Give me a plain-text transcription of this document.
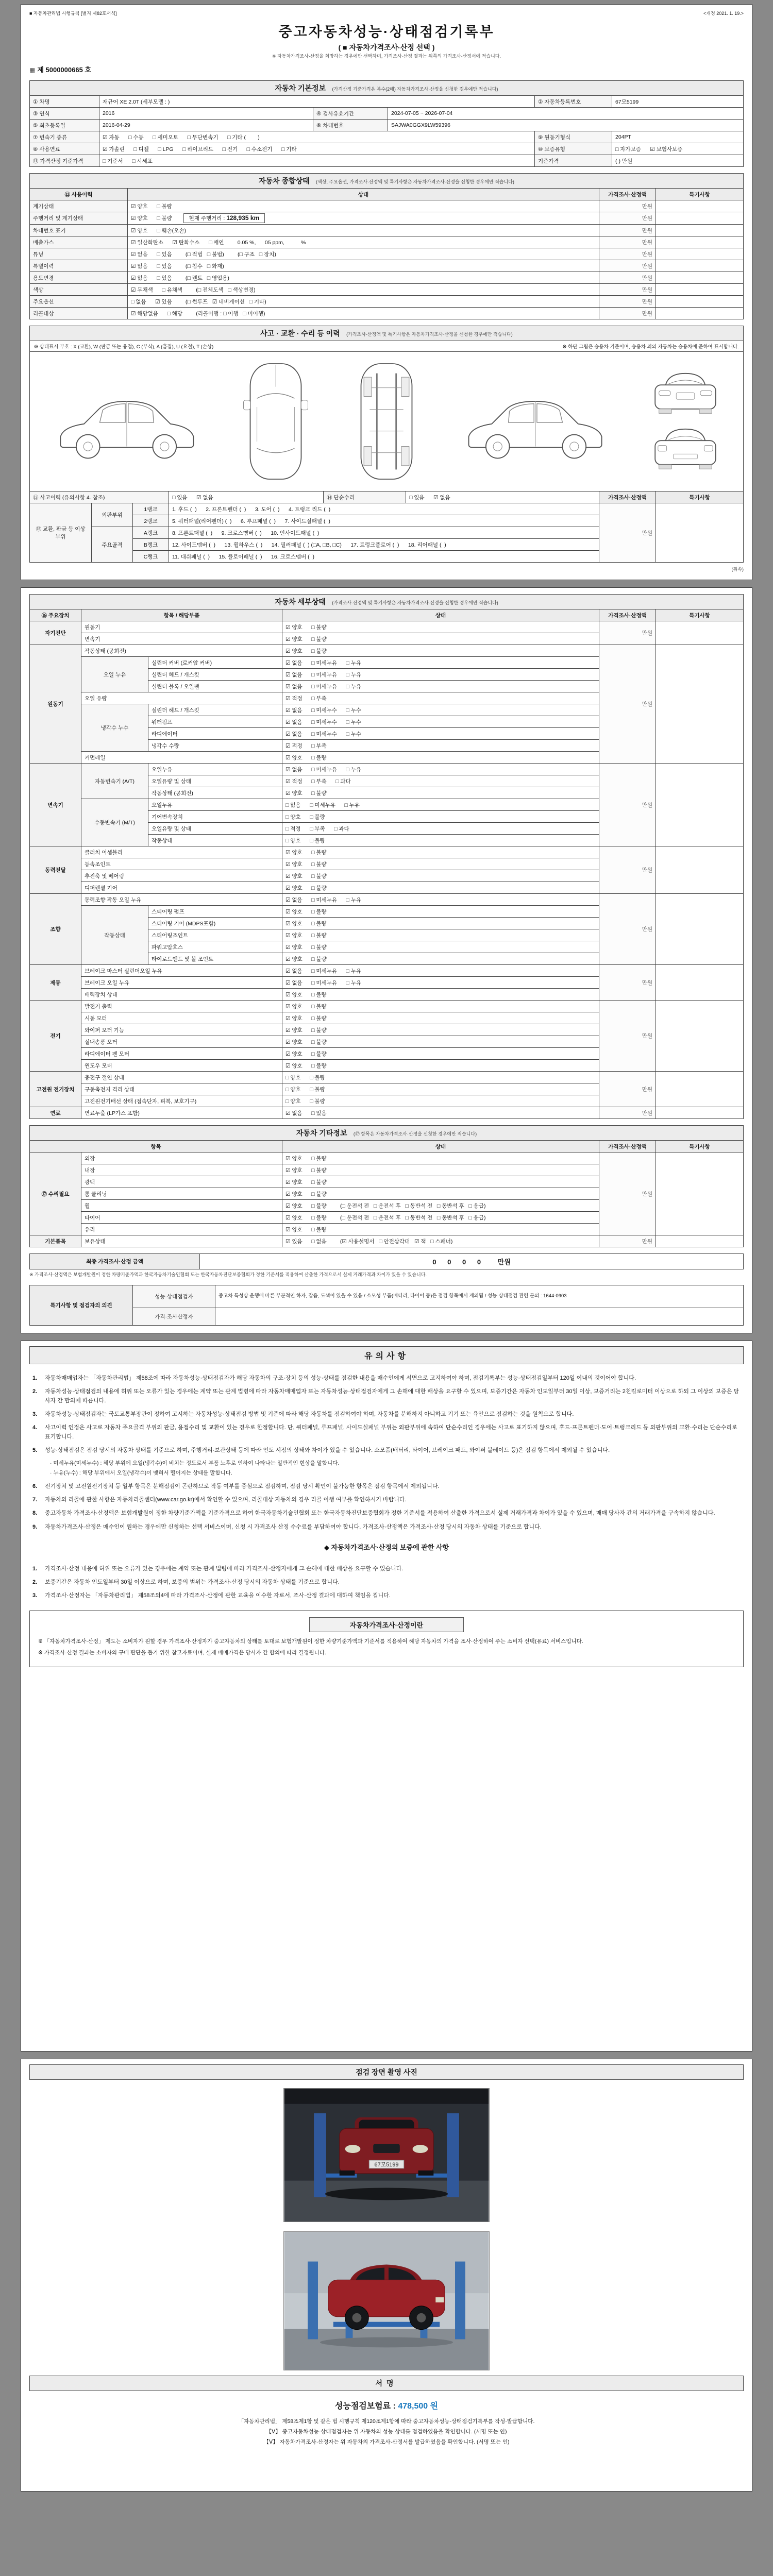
■ 자동차관리법 시행규칙 [별지 제82호서식]	<개정 2021. 1. 19.>
중고자동차성능·상태점검기록부
( ■ 자동차가격조사·산정 선택 )
※ 자동차가격조사·산정을 희망하는 경우에만 선택하며, 가격조사·산정 결과는 뒤쪽의 가격조사·산정서에 적습니다.
▦ 제 5000000665 호
자동차 기본정보 (가격산정 기준가격은 복수(2매) 자동차가격조사·산정을 신청한 경우에만 적습니다)
① 차명	재규어 XE 2.0T (세부모델 : )			② 자동차등록번호	67모5199
③ 연식	2016	④ 검사유효기간	2024-07-05 ~ 2026-07-04		
⑤ 최초등록일	2016-04-29	⑥ 차대번호	SAJWA0GGX9LW59396		
⑦ 변속기 종류	☑ 자동      □ 수동      □ 세미오토      □ 무단변속기      □ 기타 (        )			⑨ 원동기형식	204PT
⑧ 사용연료	☑ 가솔린      □ 디젤      □ LPG      □ 하이브리드      □ 전기      □ 수소전기      □ 기타			⑩ 보증유형	□ 자가보증      ☑ 보험사보증
⑪ 가격산정 기준가격	□ 기준서      □ 시세표			기준가격	( ) 만원
자동차 종합상태 (색상, 주요옵션, 가격조사·산정액 및 특기사항은 자동차가격조사·산정을 신청한 경우에만 적습니다)
⑫ 사용이력	상태	가격조사·산정액	특기사항
계기상태	☑ 양호      □ 불량	만원	
주행거리 및 계기상태	☑ 양호      □ 불량 현재 주행거리 : 128,935 km	만원	
차대번호 표기	☑ 양호      □ 훼손(오손)	만원	
배출가스	☑ 일산화탄소      ☑ 탄화수소      □ 매연         0.05 %,      05 ppm,           %	만원	
튜닝	☑ 없음      □ 있음         (□ 적법   □ 불법)         (□ 구조   □ 장치)	만원	
특별이력	☑ 없음      □ 있음         (□ 침수   □ 화재)	만원	
용도변경	☑ 없음      □ 있음         (□ 렌트   □ 영업용)	만원	
색상	☑ 무채색      □ 유채색         (□ 전체도색   □ 색상변경)	만원	
주요옵션	□ 없음      ☑ 있음         (□ 썬루프   ☑ 네비게이션   □ 기타)	만원	
리콜대상	☑ 해당없음      □ 해당         (리콜이행 : □ 이행   □ 미이행)	만원	
사고 · 교환 · 수리 등 이력 (가격조사·산정액 및 특기사항은 자동차가격조사·산정을 신청한 경우에만 적습니다)
※ 상태표시 부호 : X (교환), W (판금 또는 용접), C (부식), A (흠집), U (요철), T (손상)	※ 하단 그림은 승용차 기준이며, 승용차 외의 자동차는 승용차에 준하여 표시합니다.
⑬ 사고이력 (유의사항 4. 참조)	□ 있음      ☑ 없음	⑭ 단순수리	□ 있음      ☑ 없음	가격조사·산정액	특기사항
⑮ 교환, 판금 등 이상 부위	외판부위	1랭크	1. 후드 (  )      2. 프론트펜더 (  )      3. 도어 (  )      4. 트렁크 리드 (  )	만원	
		2랭크	5. 쿼터패널(리어펜더) (  )      6. 루프패널 (  )      7. 사이드실패널 (  )		
	주요골격	A랭크	8. 프론트패널 (  )      9. 크로스멤버 (  )      10. 인사이드패널 (  )		
		B랭크	12. 사이드멤버 (  )      13. 휠하우스 (  )      14. 필러패널 (  ) (□A, □B, □C)      17. 트렁크플로어 (  )      18. 리어패널 (  )		
		C랭크	11. 대쉬패널 (  )      15. 플로어패널 (  )      16. 크로스멤버 (  )		
(뒤쪽)
자동차 세부상태 (가격조사·산정액 및 특기사항은 자동차가격조사·산정을 신청한 경우에만 적습니다)
⑯ 주요장치	항목 / 해당부품		상태	가격조사·산정액	특기사항
자기진단	원동기		☑ 양호      □ 불량	만원	
	변속기		☑ 양호      □ 불량		
원동기	작동상태 (공회전)		☑ 양호      □ 불량	만원	
	오일 누유	실린더 커버 (로커암 커버)	☑ 없음      □ 미세누유      □ 누유		
		실린더 헤드 / 개스킷	☑ 없음      □ 미세누유      □ 누유		
		실린더 블록 / 오일팬	☑ 없음      □ 미세누유      □ 누유		
	오일 유량		☑ 적정      □ 부족		
	냉각수 누수	실린더 헤드 / 개스킷	☑ 없음      □ 미세누수      □ 누수		
		워터펌프	☑ 없음      □ 미세누수      □ 누수		
		라디에이터	☑ 없음      □ 미세누수      □ 누수		
		냉각수 수량	☑ 적정      □ 부족		
	커먼레일		☑ 양호      □ 불량		
변속기	자동변속기 (A/T)	오일누유	☑ 없음      □ 미세누유      □ 누유	만원	
		오일유량 및 상태	☑ 적정      □ 부족      □ 과다		
		작동상태 (공회전)	☑ 양호      □ 불량		
	수동변속기 (M/T)	오일누유	□ 없음      □ 미세누유      □ 누유		
		기어변속장치	□ 양호      □ 불량		
		오일유량 및 상태	□ 적정      □ 부족      □ 과다		
		작동상태	□ 양호      □ 불량		
동력전달	클러치 어셈블리		☑ 양호      □ 불량	만원	
	등속조인트		☑ 양호      □ 불량		
	추진축 및 베어링		☑ 양호      □ 불량		
	디퍼렌셜 기어		☑ 양호      □ 불량		
조향	동력조향 작동 오일 누유		☑ 없음      □ 미세누유      □ 누유	만원	
	작동상태	스티어링 펌프	☑ 양호      □ 불량		
		스티어링 기어 (MDPS포함)	☑ 양호      □ 불량		
		스티어링조인트	☑ 양호      □ 불량		
		파워고압호스	☑ 양호      □ 불량		
		타이로드엔드 및 볼 조인트	☑ 양호      □ 불량		
제동	브레이크 마스터 실린더오일 누유		☑ 없음      □ 미세누유      □ 누유	만원	
	브레이크 오일 누유		☑ 없음      □ 미세누유      □ 누유		
	배력장치 상태		☑ 양호      □ 불량		
전기	발전기 출력		☑ 양호      □ 불량	만원	
	시동 모터		☑ 양호      □ 불량		
	와이퍼 모터 기능		☑ 양호      □ 불량		
	실내송풍 모터		☑ 양호      □ 불량		
	라디에이터 팬 모터		☑ 양호      □ 불량		
	윈도우 모터		☑ 양호      □ 불량		
고전원 전기장치	충전구 절연 상태		□ 양호      □ 불량	만원	
	구동축전지 격리 상태		□ 양호      □ 불량		
	고전원전기배선 상태 (접속단자, 피복, 보호기구)		□ 양호      □ 불량		
연료	연료누출 (LP가스 포함)		☑ 없음      □ 있음	만원	
자동차 기타정보 (⑰ 항목은 자동차가격조사·산정을 신청한 경우에만 적습니다)
항목		상태	가격조사·산정액	특기사항
⑰ 수리필요	외장	☑ 양호      □ 불량	만원	
	내장	☑ 양호      □ 불량		
	광택	☑ 양호      □ 불량		
	룸 클리닝	☑ 양호      □ 불량		
	휠	☑ 양호      □ 불량         (□ 운전석 전   □ 운전석 후   □ 동반석 전   □ 동반석 후   □ 응급)		
	타이어	☑ 양호      □ 불량         (□ 운전석 전   □ 운전석 후   □ 동반석 전   □ 동반석 후   □ 응급)		
	유리	☑ 양호      □ 불량		
기본품목	보유상태	☑ 있음      □ 없음         (☑ 사용설명서   □ 안전삼각대   ☑ 잭   □ 스패너)	만원	
최종 가격조사·산정 금액	0      0      0      0         만원
※ 가격조사·산정액은 보험개발원이 정한 차량기준가액과 한국자동차기술인협회 또는 한국자동차진단보증협회가 정한 기준서를 적용하여 산출한 가격으로서 실제 거래가격과 차이가 있을 수 있습니다.
특기사항 및 점검자의 의견	성능·상태점검자	중고차 특성상 운행에 따른 부분적인 하자, 잡음, 도색이 있을 수 있음 / 소모성 부품(배터리, 타이어 등)은 점검 항목에서 제외됨 / 성능·상태점검 관련 문의 : 1644-0903
	가격·조사산정자	
유의사항
1.	자동차매매업자는 「자동차관리법」 제58조에 따라 자동차성능·상태점검자가 해당 자동차의 구조·장치 등의 성능·상태를 점검한 내용을 매수인에게 서면으로 고지하여야 하며, 점검기록부는 성능·상태점검일부터 120일 이내의 것이어야 합니다.
2.	자동차성능·상태점검의 내용에 허위 또는 오류가 있는 경우에는 계약 또는 관계 법령에 따라 자동차매매업자 또는 자동차성능·상태점검자에게 그 손해에 대한 배상을 요구할 수 있으며, 보증기간은 자동차 인도일부터 30일 이상, 보증거리는 2천킬로미터 이상으로 하되 그 이상의 보증은 당사자 간 합의에 따릅니다.
3.	자동차성능·상태점검자는 국토교통부장관이 정하여 고시하는 자동차성능·상태점검 방법 및 기준에 따라 해당 자동차를 점검하여야 하며, 자동차를 분해하지 아니하고 기기 또는 육안으로 점검하는 것을 원칙으로 합니다.
4.	사고이력 인정은 사고로 자동차 주요골격 부위의 판금, 용접수리 및 교환이 있는 경우로 한정합니다. 단, 쿼터패널, 루프패널, 사이드실패널 부위는 외판부위에 속하여 단순수리인 경우에는 사고로 표기하지 않으며, 후드·프론트펜더·도어·트렁크리드 등 외판부위의 교환·수리는 단순수리로 표기합니다.
5.	성능·상태점검은 점검 당시의 자동차 상태를 기준으로 하며, 주행거리·보관상태 등에 따라 인도 시점의 상태와 차이가 있을 수 있습니다. 소모품(배터리, 타이어, 브레이크 패드, 와이퍼 블레이드 등)은 점검 항목에서 제외될 수 있습니다.
· 미세누유(미세누수) : 해당 부위에 오일(냉각수)이 비치는 정도로서 부품 노후로 인하여 나타나는 일반적인 현상을 말합니다.
· 누유(누수) : 해당 부위에서 오일(냉각수)이 맺혀서 떨어지는 상태를 말합니다.
6.	전기장치 및 고전원전기장치 등 일부 항목은 분해점검이 곤란하므로 작동 여부를 중심으로 점검하며, 점검 당시 확인이 불가능한 항목은 점검 항목에서 제외됩니다.
7.	자동차의 리콜에 관한 사항은 자동차리콜센터(www.car.go.kr)에서 확인할 수 있으며, 리콜대상 자동차의 경우 리콜 이행 여부를 확인하시기 바랍니다.
8.	중고자동차 가격조사·산정액은 보험개발원이 정한 차량기준가액을 기준가격으로 하여 한국자동차기술인협회 또는 한국자동차진단보증협회가 정한 기준서를 적용하여 산출한 가격으로서 실제 거래가격과 차이가 있을 수 있으며, 매매 당사자 간의 거래가격을 구속하지 않습니다.
9.	자동차가격조사·산정은 매수인이 원하는 경우에만 신청하는 선택 서비스이며, 신청 시 가격조사·산정 수수료를 부담하여야 합니다. 가격조사·산정액은 가격조사·산정 당시의 자동차 상태를 기준으로 합니다.
◆ 자동차가격조사·산정의 보증에 관한 사항
1.	가격조사·산정 내용에 허위 또는 오류가 있는 경우에는 계약 또는 관계 법령에 따라 가격조사·산정자에게 그 손해에 대한 배상을 요구할 수 있습니다.
2.	보증기간은 자동차 인도일부터 30일 이상으로 하며, 보증의 범위는 가격조사·산정 당시의 자동차 상태를 기준으로 합니다.
3.	가격조사·산정자는 「자동차관리법」 제58조의4에 따라 가격조사·산정에 관한 교육을 이수한 자로서, 조사·산정 결과에 대하여 책임을 집니다.
자동차가격조사·산정이란
※ 「자동차가격조사·산정」 제도는 소비자가 원할 경우 가격조사·산정자가 중고자동차의 상태를 토대로 보험개발원이 정한 차량기준가액과 기준서를 적용하여 해당 자동차의 가격을 조사·산정하여 주는 소비자 선택(유료) 서비스입니다.
※ 가격조사·산정 결과는 소비자의 구매 판단을 돕기 위한 참고자료이며, 실제 매매가격은 당사자 간 합의에 따라 결정됩니다.
점검 장면 촬영 사진
67모5199
서명
성능점검보험료 : 478,500 원
「자동차관리법」 제58조제1항 및 같은 법 시행규칙 제120조제1항에 따라 중고자동차성능·상태점검기록부를 작성·발급합니다.
【Ⅴ】 중고자동차성능·상태점검자는 위 자동차의 성능·상태를 점검하였음을 확인합니다. (서명 또는 인)
【Ⅴ】 자동차가격조사·산정자는 위 자동차의 가격조사·산정서를 발급하였음을 확인합니다. (서명 또는 인)
